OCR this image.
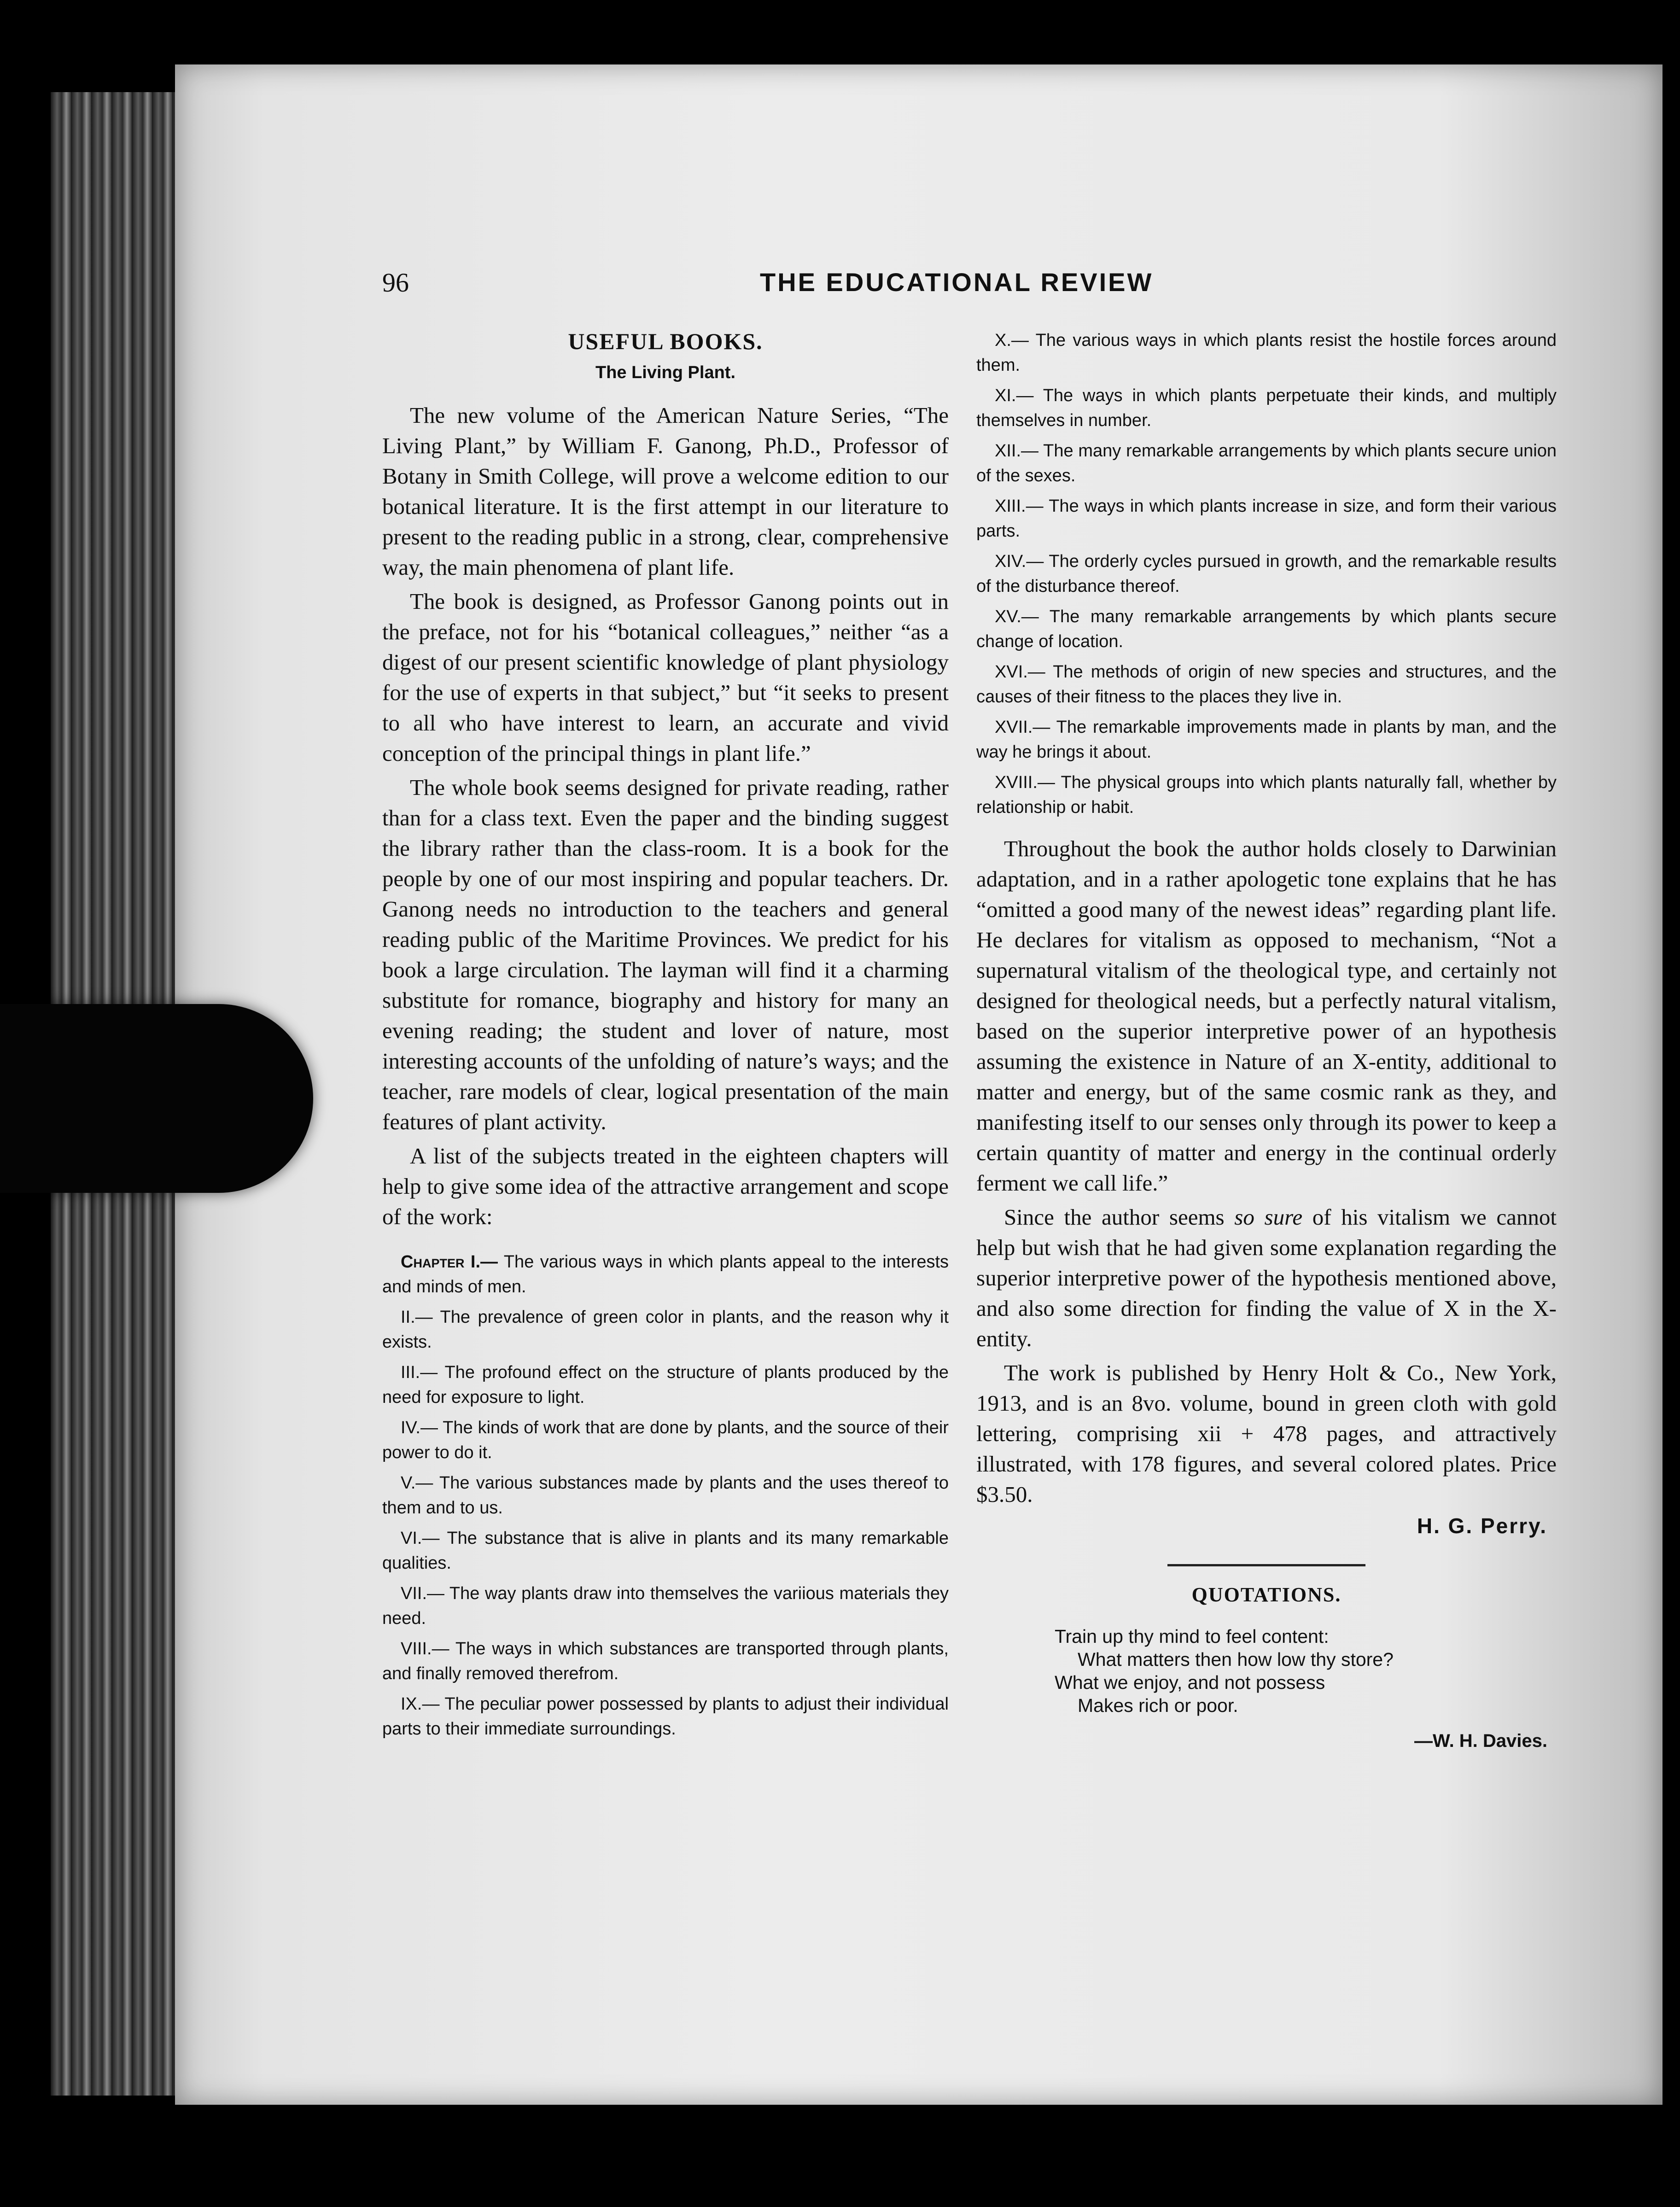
96	THE EDUCATIONAL REVIEW
USEFUL BOOKS.
The Living Plant.

The new volume of the American Nature Series, “The Living Plant,” by William F. Ganong, Ph.D., Professor of Botany in Smith College, will prove a welcome edition to our botanical literature. It is the first attempt in our literature to present to the reading public in a strong, clear, comprehensive way, the main phenomena of plant life.

The book is designed, as Professor Ganong points out in the preface, not for his “botanical colleagues,” neither “as a digest of our present scientific knowledge of plant physiology for the use of experts in that subject,” but “it seeks to present to all who have interest to learn, an accurate and vivid conception of the principal things in plant life.”

The whole book seems designed for private reading, rather than for a class text. Even the paper and the binding suggest the library rather than the class-room. It is a book for the people by one of our most inspiring and popular teachers. Dr. Ganong needs no introduction to the teachers and general reading public of the Maritime Provinces. We predict for his book a large circulation. The layman will find it a charming substitute for romance, biography and history for many an evening reading; the student and lover of nature, most interesting accounts of the unfolding of nature’s ways; and the teacher, rare models of clear, logical presentation of the main features of plant activity.

A list of the subjects treated in the eighteen chapters will help to give some idea of the attractive arrangement and scope of the work:

Chapter I.— The various ways in which plants appeal to the interests and minds of men.

II.— The prevalence of green color in plants, and the reason why it exists.

III.— The profound effect on the structure of plants produced by the need for exposure to light.

IV.— The kinds of work that are done by plants, and the source of their power to do it.

V.— The various substances made by plants and the uses thereof to them and to us.

VI.— The substance that is alive in plants and its many remarkable qualities.

VII.— The way plants draw into themselves the variious materials they need.

VIII.— The ways in which substances are transported through plants, and finally removed therefrom.

IX.— The peculiar power possessed by plants to adjust their individual parts to their immediate surroundings.

X.— The various ways in which plants resist the hostile forces around them.

XI.— The ways in which plants perpetuate their kinds, and multiply themselves in number.

XII.— The many remarkable arrangements by which plants secure union of the sexes.

XIII.— The ways in which plants increase in size, and form their various parts.

XIV.— The orderly cycles pursued in growth, and the remarkable results of the disturbance thereof.

XV.— The many remarkable arrangements by which plants secure change of location.

XVI.— The methods of origin of new species and structures, and the causes of their fitness to the places they live in.

XVII.— The remarkable improvements made in plants by man, and the way he brings it about.

XVIII.— The physical groups into which plants naturally fall, whether by relationship or habit.

Throughout the book the author holds closely to Darwinian adaptation, and in a rather apologetic tone explains that he has “omitted a good many of the newest ideas” regarding plant life. He declares for vitalism as opposed to mechanism, “Not a supernatural vitalism of the theological type, and certainly not designed for theological needs, but a perfectly natural vitalism, based on the superior interpretive power of an hypothesis assuming the existence in Nature of an X-entity, additional to matter and energy, but of the same cosmic rank as they, and manifesting itself to our senses only through its power to keep a certain quantity of matter and energy in the continual orderly ferment we call life.”

Since the author seems so sure of his vitalism we cannot help but wish that he had given some explanation regarding the superior interpretive power of the hypothesis mentioned above, and also some direction for finding the value of X in the X-entity.

The work is published by Henry Holt & Co., New York, 1913, and is an 8vo. volume, bound in green cloth with gold lettering, comprising xii + 478 pages, and attractively illustrated, with 178 figures, and several colored plates. Price $3.50.

H. G. Perry.
QUOTATIONS.
Train up thy mind to feel content:
What matters then how low thy store?
What we enjoy, and not possess
Makes rich or poor.
—W. H. Davies.
